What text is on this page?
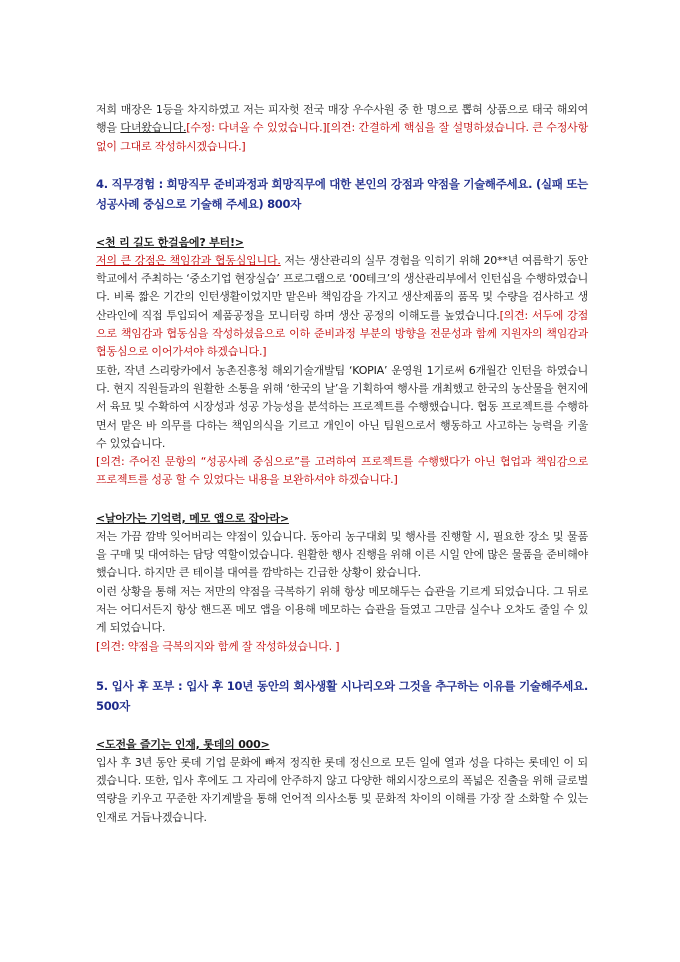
저희 매장은 1등을 차지하였고 저는 피자헛 전국 매장 우수사원 중 한 명으로 뽑혀 상품으로 태국 해외여행을 다녀왔습니다.[수정: 다녀올 수 있었습니다.][의견: 간결하게 핵심을 잘 설명하셨습니다. 큰 수정사항 없이 그대로 작성하시겠습니다.]

4. 직무경험 : 희망직무 준비과정과 희망직무에 대한 본인의 강점과 약점을 기술해주세요. (실패 또는 성공사례 중심으로 기술해 주세요) 800자

<천 리 길도 한걸음에? 부터!>

저의 큰 강점은 책임감과 협동심입니다. 저는 생산관리의 실무 경험을 익히기 위해 20**년 여름학기 동안 학교에서 주최하는 ‘중소기업 현장실습’ 프로그램으로 ‘00테크’의 생산관리부에서 인턴십을 수행하였습니다. 비록 짧은 기간의 인턴생활이었지만 맡은바 책임감을 가지고 생산제품의 품목 및 수량을 검사하고 생산라인에 직접 투입되어 제품공정을 모니터링 하며 생산 공정의 이해도를 높였습니다.[의견: 서두에 강점으로 책임감과 협동심을 작성하셨음으로 이하 준비과정 부분의 방향을 전문성과 함께 지원자의 책임감과 협동심으로 이어가셔야 하겠습니다.]

또한, 작년 스리랑카에서 농촌진흥청 해외기술개발팀 ‘KOPIA’ 운영원 1기로써 6개월간 인턴을 하였습니다. 현지 직원들과의 원활한 소통을 위해 ‘한국의 날’을 기획하여 행사를 개최했고 한국의 농산물을 현지에서 육묘 및 수확하여 시장성과 성공 가능성을 분석하는 프로젝트를 수행했습니다. 협동 프로젝트를 수행하면서 맡은 바 의무를 다하는 책임의식을 기르고 개인이 아닌 팀원으로서 행동하고 사고하는 능력을 키울 수 있었습니다.

[의견: 주어진 문항의 “성공사례 중심으로”를 고려하여 프로젝트를 수행했다가 아닌 협업과 책임감으로 프로젝트를 성공 할 수 있었다는 내용을 보완하셔야 하겠습니다.]

<날아가는 기억력, 메모 앱으로 잡아라>

저는 가끔 깜박 잊어버리는 약점이 있습니다. 동아리 농구대회 및 행사를 진행할 시, 필요한 장소 및 물품을 구매 및 대여하는 담당 역할이었습니다. 원활한 행사 진행을 위해 이른 시일 안에 많은 물품을 준비해야 했습니다. 하지만 큰 테이블 대여를 깜박하는 긴급한 상황이 왔습니다.

이런 상황을 통해 저는 저만의 약점을 극복하기 위해 항상 메모해두는 습관을 기르게 되었습니다. 그 뒤로 저는 어디서든지 항상 핸드폰 메모 앱을 이용해 메모하는 습관을 들였고 그만큼 실수나 오차도 줄일 수 있게 되었습니다.

[의견: 약점을 극복의지와 함께 잘 작성하셨습니다. ]

5. 입사 후 포부 : 입사 후 10년 동안의 회사생활 시나리오와 그것을 추구하는 이유를 기술해주세요. 500자

<도전을 즐기는 인재, 롯데의 000>

입사 후 3년 동안 롯데 기업 문화에 빠져 정직한 롯데 정신으로 모든 일에 열과 성을 다하는 롯데인 이 되겠습니다. 또한, 입사 후에도 그 자리에 안주하지 않고 다양한 해외시장으로의 폭넓은 진출을 위해 글로벌 역량을 키우고 꾸준한 자기계발을 통해 언어적 의사소통 및 문화적 차이의 이해를 가장 잘 소화할 수 있는 인재로 거듭나겠습니다.
